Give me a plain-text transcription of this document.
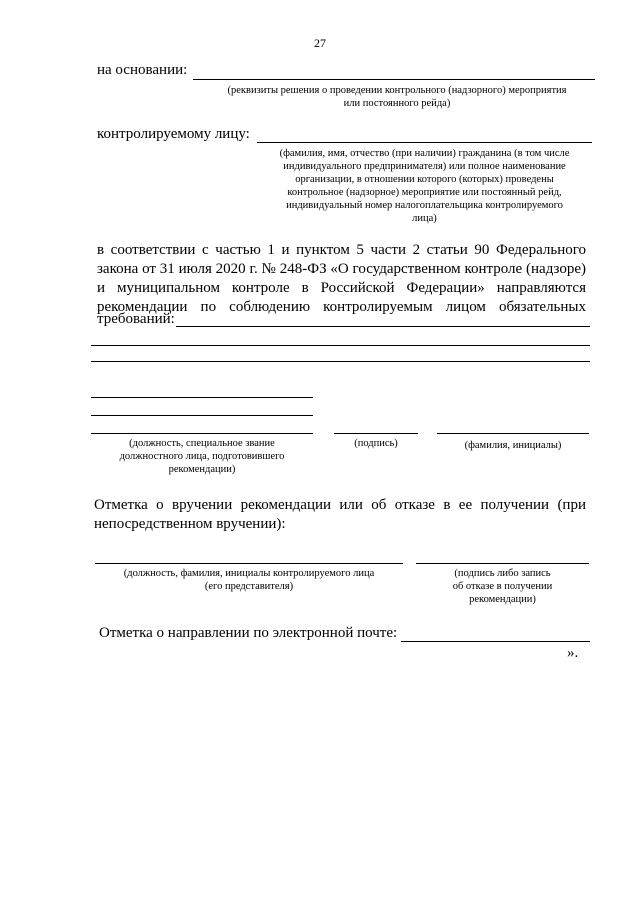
27
на основании:
(реквизиты решения о проведении контрольного (надзорного) мероприятия
или постоянного рейда)
контролируемому лицу:
(фамилия, имя, отчество (при наличии) гражданина (в том числе
индивидуального предпринимателя) или полное наименование
организации, в отношении которого (которых) проведены
контрольное (надзорное) мероприятие или постоянный рейд,
индивидуальный номер налогоплательщика контролируемого
лица)
в соответствии с частью 1 и пунктом 5 части 2 статьи 90 Федерального
закона от 31 июля 2020 г. № 248-ФЗ «О государственном контроле (надзоре)
и муниципальном контроле в Российской Федерации» направляются
рекомендации по соблюдению контролируемым лицом обязательных
требований:
(должность, специальное звание
должностного лица, подготовившего
рекомендации)
(подпись)	(фамилия, инициалы)
Отметка о вручении рекомендации или об отказе в ее получении (при
непосредственном вручении):
(должность, фамилия, инициалы контролируемого лица
(его представителя)
(подпись либо запись
об отказе в получении
рекомендации)
Отметка о направлении по электронной почте:
».
